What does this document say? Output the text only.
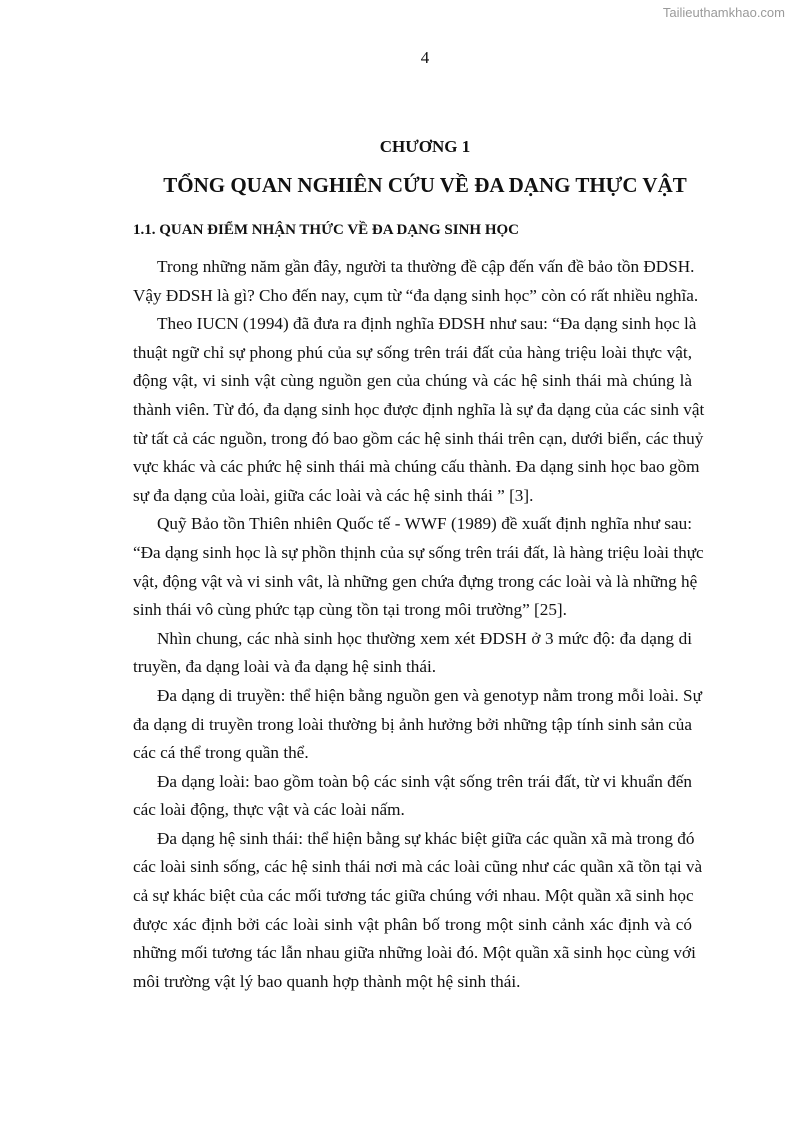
Tailieuthamkhao.com
4
CHƯƠNG 1
TỔNG QUAN NGHIÊN CỨU VỀ ĐA DẠNG THỰC VẬT
1.1. QUAN ĐIỂM NHẬN THỨC VỀ ĐA DẠNG SINH HỌC
Trong những năm gần đây, người ta thường đề cập đến vấn đề bảo tồn ĐDSH.
Vậy ĐDSH là gì? Cho đến nay, cụm từ “đa dạng sinh học” còn có rất nhiều nghĩa.
Theo IUCN (1994) đã đưa ra định nghĩa ĐDSH như sau: “Đa dạng sinh học là
thuật ngữ chỉ sự phong phú của sự sống trên trái đất của hàng triệu loài thực vật,
động vật, vi sinh vật cùng nguồn gen của chúng và các hệ sinh thái mà chúng là
thành viên. Từ đó, đa dạng sinh học được định nghĩa là sự đa dạng của các sinh vật
từ tất cả các nguồn, trong đó bao gồm các hệ sinh thái trên cạn, dưới biển, các thuỷ
vực khác và các phức hệ sinh thái mà chúng cấu thành. Đa dạng sinh học bao gồm
sự đa dạng của loài, giữa các loài và các hệ sinh thái ” [3].
Quỹ Bảo tồn Thiên nhiên Quốc tế - WWF (1989) đề xuất định nghĩa như sau:
“Đa dạng sinh học là sự phồn thịnh của sự sống trên trái đất, là hàng triệu loài thực
vật, động vật và vi sinh vât, là những gen chứa đựng trong các loài và là những hệ
sinh thái vô cùng phức tạp cùng tồn tại trong môi trường” [25].
Nhìn chung, các nhà sinh học thường xem xét ĐDSH ở 3 mức độ: đa dạng di
truyền, đa dạng loài và đa dạng hệ sinh thái.
Đa dạng di truyền: thể hiện bằng nguồn gen và genotyp nằm trong mỗi loài. Sự
đa dạng di truyền trong loài thường bị ảnh hưởng bởi những tập tính sinh sản của
các cá thể trong quần thể.
Đa dạng loài: bao gồm toàn bộ các sinh vật sống trên trái đất, từ vi khuẩn đến
các loài động, thực vật và các loài nấm.
Đa dạng hệ sinh thái: thể hiện bằng sự khác biệt giữa các quần xã mà trong đó
các loài sinh sống, các hệ sinh thái nơi mà các loài cũng như các quần xã tồn tại và
cả sự khác biệt của các mối tương tác giữa chúng với nhau. Một quần xã sinh học
được xác định bởi các loài sinh vật phân bố trong một sinh cảnh xác định và có
những mối tương tác lẫn nhau giữa những loài đó. Một quần xã sinh học cùng với
môi trường vật lý bao quanh hợp thành một hệ sinh thái.
